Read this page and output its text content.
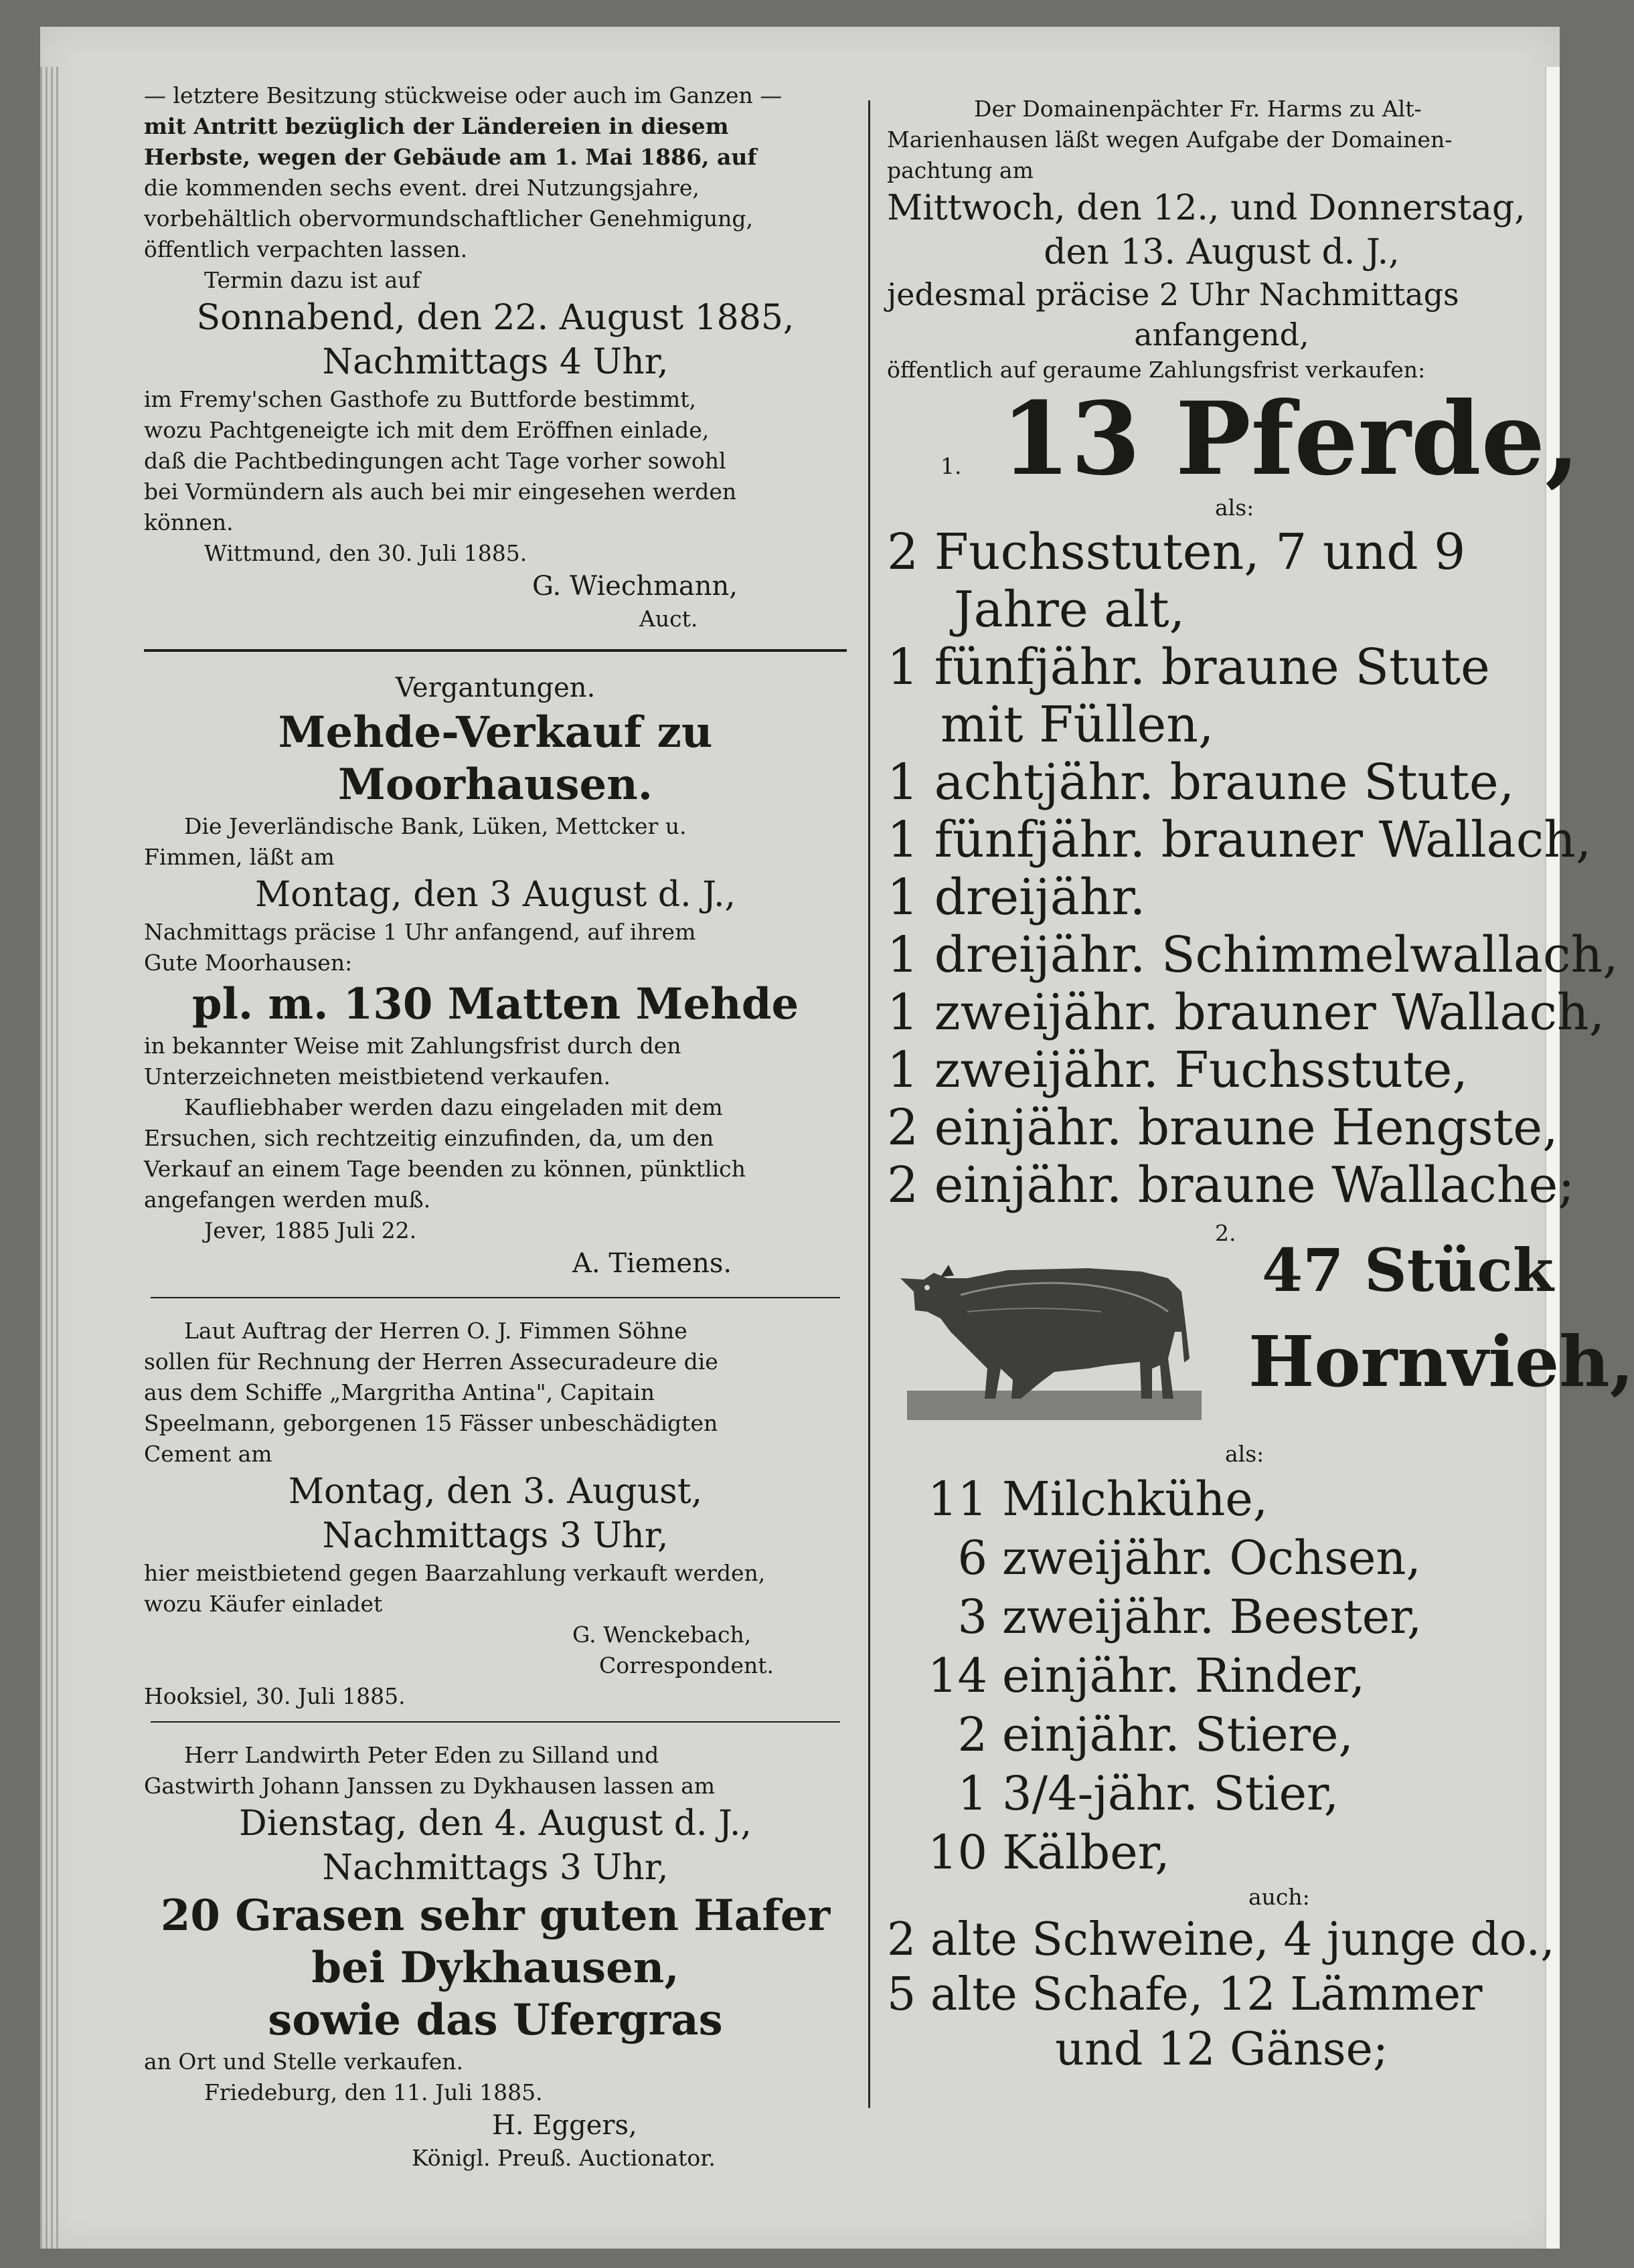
— letztere Besitzung stückweise oder auch im Ganzen —

mit Antritt bezüglich der Ländereien in diesem

Herbste, wegen der Gebäude am 1. Mai 1886, auf

die kommenden sechs event. drei Nutzungsjahre,

vorbehältlich obervormundschaftlicher Genehmigung,

öffentlich verpachten lassen.

Termin dazu ist auf

Sonnabend, den 22. August 1885,

Nachmittags 4 Uhr,

im Fremy'schen Gasthofe zu Buttforde bestimmt,

wozu Pachtgeneigte ich mit dem Eröffnen einlade,

daß die Pachtbedingungen acht Tage vorher sowohl

bei Vormündern als auch bei mir eingesehen werden

können.

Wittmund, den 30. Juli 1885.

G. Wiechmann,

Auct.

Vergantungen.

Mehde-Verkauf zu Moorhausen.

Die Jeverländische Bank, Lüken, Mettcker u.

Fimmen, läßt am

Montag, den 3 August d. J.,

Nachmittags präcise 1 Uhr anfangend, auf ihrem

Gute Moorhausen:

pl. m. 130 Matten Mehde

in bekannter Weise mit Zahlungsfrist durch den

Unterzeichneten meistbietend verkaufen.

Kaufliebhaber werden dazu eingeladen mit dem

Ersuchen, sich rechtzeitig einzufinden, da, um den

Verkauf an einem Tage beenden zu können, pünktlich

angefangen werden muß.

Jever, 1885 Juli 22.

A. Tiemens.

Laut Auftrag der Herren O. J. Fimmen Söhne

sollen für Rechnung der Herren Assecuradeure die

aus dem Schiffe „Margritha Antina", Capitain

Speelmann, geborgenen 15 Fässer unbeschädigten

Cement am

Montag, den 3. August,

Nachmittags 3 Uhr,

hier meistbietend gegen Baarzahlung verkauft werden,

wozu Käufer einladet

G. Wenckebach,

Correspondent.

Hooksiel, 30. Juli 1885.

Herr Landwirth Peter Eden zu Silland und

Gastwirth Johann Janssen zu Dykhausen lassen am

Dienstag, den 4. August d. J.,

Nachmittags 3 Uhr,

20 Grasen sehr guten Hafer

bei Dykhausen,

sowie das Ufergras

an Ort und Stelle verkaufen.

Friedeburg, den 11. Juli 1885.

H. Eggers,

Königl. Preuß. Auctionator.

Der Domainenpächter Fr. Harms zu Alt-

Marienhausen läßt wegen Aufgabe der Domainen-

pachtung am

Mittwoch, den 12., und Donnerstag,

den 13. August d. J.,

jedesmal präcise 2 Uhr Nachmittags

anfangend,

öffentlich auf geraume Zahlungsfrist verkaufen:

1. 13 Pferde,

als:

2 Fuchsstuten, 7 und 9

Jahre alt,

1 fünfjähr. braune Stute

mit Füllen,

1 achtjähr. braune Stute,

1 fünfjähr. brauner Wallach,

1 dreijähr.

1 dreijähr. Schimmelwallach,

1 zweijähr. brauner Wallach,

1 zweijähr. Fuchsstute,

2 einjähr. braune Hengste,

2 einjähr. braune Wallache;

2.
47 Stück
Hornvieh,

als:

11 Milchkühe,

6 zweijähr. Ochsen,

3 zweijähr. Beester,

14 einjähr. Rinder,

2 einjähr. Stiere,

1 3/4-jähr. Stier,

10 Kälber,

auch:

2 alte Schweine, 4 junge do.,

5 alte Schafe, 12 Lämmer

und 12 Gänse;
